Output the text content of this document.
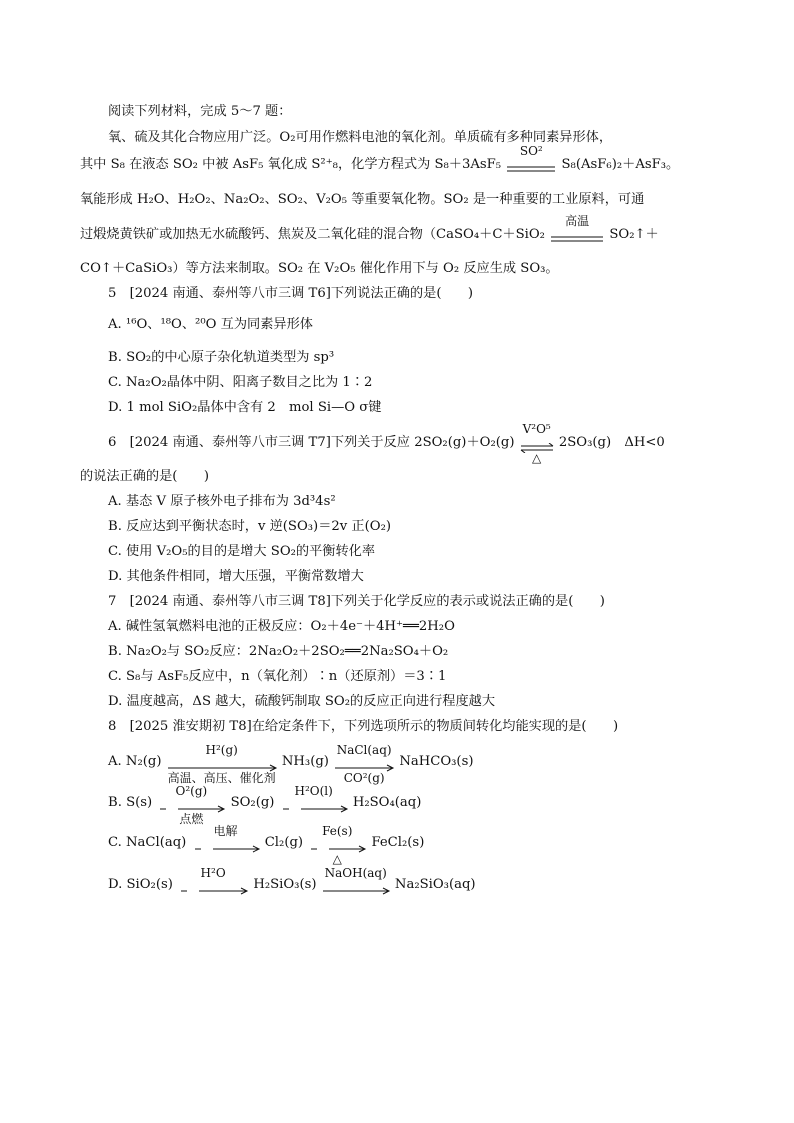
阅读下列材料，完成 5～7 题：
氧、硫及其化合物应用广泛。O₂可用作燃料电池的氧化剂。单质硫有多种同素异形体，
其中 S₈ 在液态 SO₂ 中被 AsF₅ 氧化成 S²⁺₈，化学方程式为 S₈＋3AsF₅
SO²
S₈(AsF₆)₂＋AsF₃。
氧能形成 H₂O、H₂O₂、Na₂O₂、SO₂、V₂O₅ 等重要氧化物。SO₂ 是一种重要的工业原料，可通
过煅烧黄铁矿或加热无水硫酸钙、焦炭及二氧化硅的混合物（CaSO₄＋C＋SiO₂
高温
SO₂↑＋
CO↑＋CaSiO₃）等方法来制取。SO₂ 在 V₂O₅ 催化作用下与 O₂ 反应生成 SO₃。
5　[2024 南通、泰州等八市三调 T6]下列说法正确的是(　　)
A. ¹⁶O、¹⁸O、²⁰O 互为同素异形体
B. SO₂的中心原子杂化轨道类型为 sp³
C. Na₂O₂晶体中阴、阳离子数目之比为 1∶2
D. 1 mol SiO₂晶体中含有 2　mol Si—O σ键
6　[2024 南通、泰州等八市三调 T7]下列关于反应 2SO₂(g)＋O₂(g)
V²O⁵
△
2SO₃(g)　ΔH<0
的说法正确的是(　　)
A. 基态 V 原子核外电子排布为 3d³4s²
B. 反应达到平衡状态时，v 逆(SO₃)＝2v 正(O₂)
C. 使用 V₂O₅的目的是增大 SO₂的平衡转化率
D. 其他条件相同，增大压强，平衡常数增大
7　[2024 南通、泰州等八市三调 T8]下列关于化学反应的表示或说法正确的是(　　)
A. 碱性氢氧燃料电池的正极反应：O₂＋4e⁻＋4H⁺══2H₂O
B. Na₂O₂与 SO₂反应：2Na₂O₂＋2SO₂══2Na₂SO₄＋O₂
C. S₈与 AsF₅反应中，n（氧化剂）∶n（还原剂）＝3∶1
D. 温度越高，ΔS 越大，硫酸钙制取 SO₂的反应正向进行程度越大
8　[2025 淮安期初 T8]在给定条件下，下列选项所示的物质间转化均能实现的是(　　)
A. N₂(g)
H²(g)
高温、高压、催化剂
NH₃(g)
NaCl(aq)
CO²(g)
NaHCO₃(s)
B. S(s)
O²(g)
点燃
SO₂(g)
H²O(l)
H₂SO₄(aq)
C. NaCl(aq)
电解
Cl₂(g)
Fe(s)
△
FeCl₂(s)
D. SiO₂(s)
H²O
H₂SiO₃(s)
NaOH(aq)
Na₂SiO₃(aq)
